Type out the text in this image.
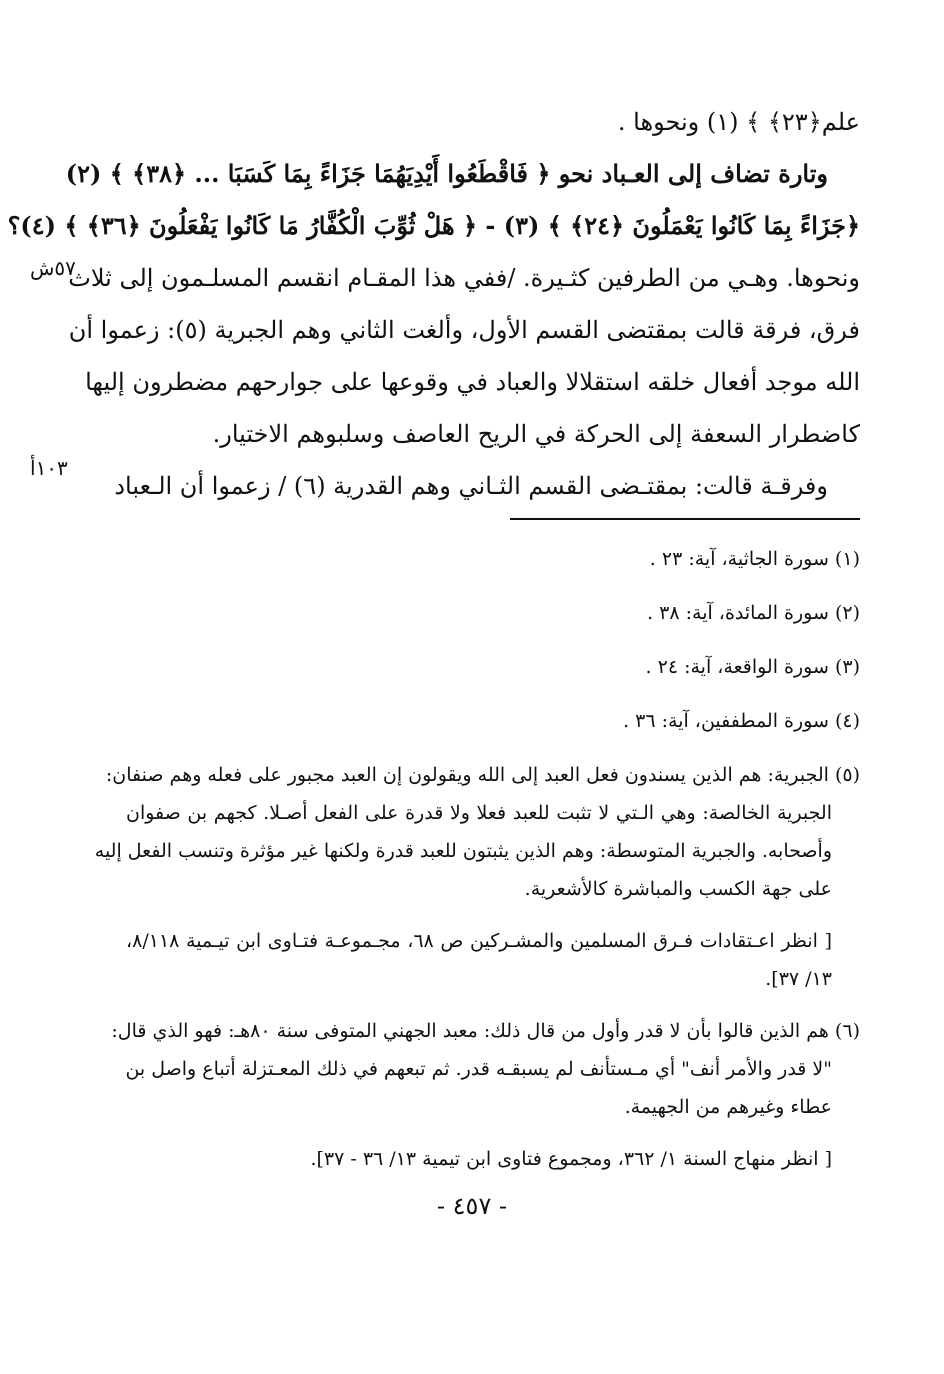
علم﴿٢٣﴾ ﴾ (١) ونحوها .
وتارة تضاف إلى العـباد نحو ﴿ فَاقْطَعُوا أَيْدِيَهُمَا جَزَاءً بِمَا كَسَبَا ... ﴿٣٨﴾ ﴾ (٢)
﴿جَزَاءً بِمَا كَانُوا يَعْمَلُونَ ﴿٢٤﴾ ﴾ (٣) - ﴿ هَلْ ثُوِّبَ الْكُفَّارُ مَا كَانُوا يَفْعَلُونَ ﴿٣٦﴾ ﴾ (٤)؟
ونحوها. وهـي من الطرفين كثـيرة. /ففي هذا المقـام انقسم المسلـمون إلى ثلاث
فرق، فرقة قالت بمقتضى القسم الأول، وألغت الثاني وهم الجبرية (٥): زعموا أن
الله موجد أفعال خلقه استقلالا والعباد في وقوعها على جوارحهم مضطرون إليها
كاضطرار السعفة إلى الحركة في الريح العاصف وسلبوهم الاختيار.
وفرقـة قالت: بمقتـضى القسم الثـاني وهم القدرية (٦) / زعموا أن الـعباد
٥٧ش
١٠٣أ
(١) سورة الجاثية، آية: ٢٣ .
(٢) سورة المائدة، آية: ٣٨ .
(٣) سورة الواقعة، آية: ٢٤ .
(٤) سورة المطففين، آية: ٣٦ .
(٥) الجبرية: هم الذين يسندون فعل العبد إلى الله ويقولون إن العبد مجبور على فعله وهم صنفان:
الجبرية الخالصة: وهي الـتي لا تثبت للعبد فعلا ولا قدرة على الفعل أصـلا. كجهم بن صفوان
وأصحابه. والجبرية المتوسطة: وهم الذين يثبتون للعبد قدرة ولكنها غير مؤثرة وتنسب الفعل إليه
على جهة الكسب والمباشرة كالأشعرية.
[ انظر اعـتقادات فـرق المسلمين والمشـركين ص ٦٨، مجـموعـة فتـاوى ابن تيـمية ٨/١١٨،
١٣/ ٣٧].
(٦) هم الذين قالوا بأن لا قدر وأول من قال ذلك: معبد الجهني المتوفى سنة ٨٠هـ: فهو الذي قال:
"لا قدر والأمر أنف" أي مـستأنف لم يسبقـه قدر. ثم تبعهم في ذلك المعـتزلة أتباع واصل بن
عطاء وغيرهم من الجهيمة.
[ انظر منهاج السنة ١/ ٣٦٢، ومجموع فتاوى ابن تيمية ١٣/ ٣٦ - ٣٧].
- ٤٥٧ -
